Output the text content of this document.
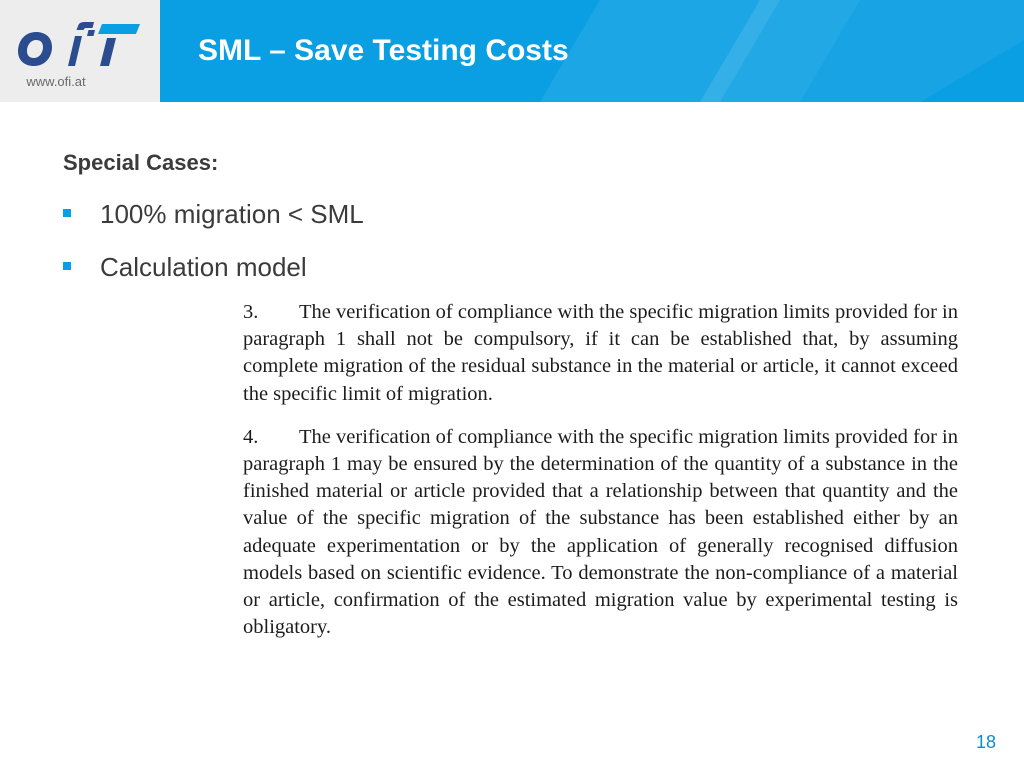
www.ofi.at
SML – Save Testing Costs
Special Cases:
100% migration < SML
Calculation model

3. The verification of compliance with the specific migration limits provided for in paragraph 1 shall not be compulsory, if it can be established that, by assuming complete migration of the residual substance in the material or article, it cannot exceed the specific limit of migration.

4. The verification of compliance with the specific migration limits provided for in paragraph 1 may be ensured by the determination of the quantity of a substance in the finished material or article provided that a relationship between that quantity and the value of the specific migration of the substance has been established either by an adequate experimentation or by the application of generally recognised diffusion models based on scientific evidence. To demonstrate the non-compliance of a material or article, confirmation of the estimated migration value by experimental testing is obligatory.

18
